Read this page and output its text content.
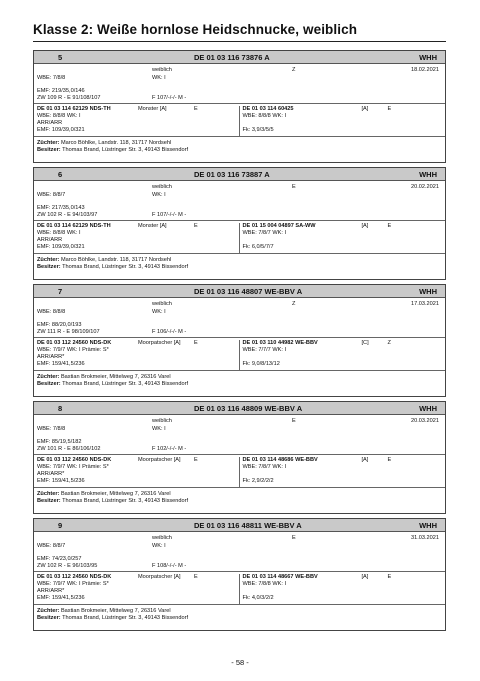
Klasse 2: Weiße hornlose Heidschnucke, weiblich
5	DE 01 03 116 73876 A	WHH
weiblich	Z	18.02.2021
WBE: 7/8/8	WK: I
EMF: 219/35,0/146
ZW 109 R - E 91/108/107	F 107/-/-/- M -
DE 01 03 114 62129 NDS-TH	Monster [A]	E
WBE: 8/8/8 WK: I
ARR/ARR
EMF: 109/39,0/321
DE 01 03 114 60425	[A]	E
WBE: 8/8/8 WK: I
Fk: 3,9/3/5/5
Züchter: Marco Böhlke, Landstr. 118, 31717 Nordsehl
Besitzer: Thomas Brand, Lüstringer Str. 3, 49143 Bissendorf
6	DE 01 03 116 73887 A	WHH
weiblich	E	20.02.2021
WBE: 8/8/7	WK: I
EMF: 217/35,0/143
ZW 102 R - E 94/103/97	F 107/-/-/- M -
DE 01 03 114 62129 NDS-TH	Monster [A]	E
WBE: 8/8/8 WK: I
ARR/ARR
EMF: 109/39,0/321
DE 01 15 004 04897 SA-WW	[A]	E
WBE: 7/8/7 WK: I
Fk: 6,0/5/7/7
Züchter: Marco Böhlke, Landstr. 118, 31717 Nordsehl
Besitzer: Thomas Brand, Lüstringer Str. 3, 49143 Bissendorf
7	DE 01 03 116 48807 WE-BBV A	WHH
weiblich	Z	17.03.2021
WBE: 8/8/8	WK: I
EMF: 88/20,0/193
ZW 111 R - E 98/109/107	F 106/-/-/- M -
DE 01 03 112 24560 NDS-DK	Moorpatscher [A] E
WBE: 7/9/7 WK: I Prämie: S*
ARR/ARR*
EMF: 159/41,5/236
DE 01 03 110 44982 WE-BBV	[C]	Z
WBE: 7/7/7 WK: I
Fk: 9,0/8/13/12
Züchter: Bastian Brokmeier, Mittelweg 7, 26316 Varel
Besitzer: Thomas Brand, Lüstringer Str. 3, 49143 Bissendorf
8	DE 01 03 116 48809 WE-BBV A	WHH
weiblich	E	20.03.2021
WBE: 7/8/8	WK: I
EMF: 85/19,5/182
ZW 101 R - E 86/106/102	F 102/-/-/- M -
DE 01 03 112 24560 NDS-DK	Moorpatscher [A] E
WBE: 7/9/7 WK: I Prämie: S*
ARR/ARR*
EMF: 159/41,5/236
DE 01 03 114 48686 WE-BBV	[A]	E
WBE: 7/8/7 WK: I
Fk: 2,9/2/2/2
Züchter: Bastian Brokmeier, Mittelweg 7, 26316 Varel
Besitzer: Thomas Brand, Lüstringer Str. 3, 49143 Bissendorf
9	DE 01 03 116 48811 WE-BBV A	WHH
weiblich	E	31.03.2021
WBE: 8/8/7	WK: I
EMF: 74/23,0/257
ZW 102 R - E 96/103/95	F 108/-/-/- M -
DE 01 03 112 24560 NDS-DK	Moorpatscher [A] E
WBE: 7/9/7 WK: I Prämie: S*
ARR/ARR*
EMF: 159/41,5/236
DE 01 03 114 48667 WE-BBV	[A]	E
WBE: 7/8/8 WK: I
Fk: 4,0/3/2/2
Züchter: Bastian Brokmeier, Mittelweg 7, 26316 Varel
Besitzer: Thomas Brand, Lüstringer Str. 3, 49143 Bissendorf
- 58 -
